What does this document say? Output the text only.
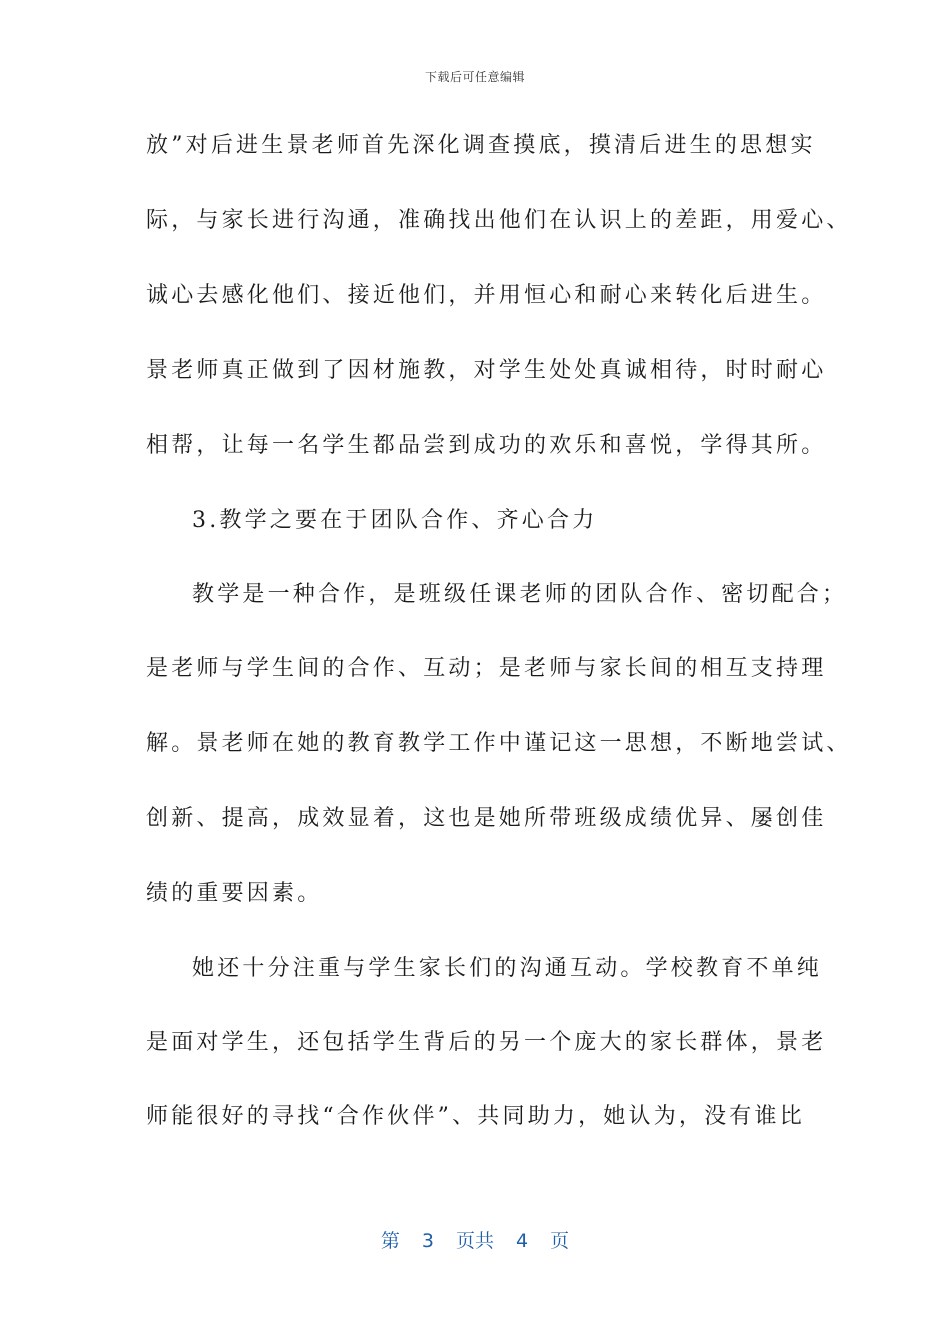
下载后可任意编辑
放”对后进生景老师首先深化调查摸底，摸清后进生的思想实
际，与家长进行沟通，准确找出他们在认识上的差距，用爱心、
诚心去感化他们、接近他们，并用恒心和耐心来转化后进生。
景老师真正做到了因材施教，对学生处处真诚相待，时时耐心
相帮，让每一名学生都品尝到成功的欢乐和喜悦，学得其所。
3.教学之要在于团队合作、齐心合力
教学是一种合作，是班级任课老师的团队合作、密切配合；
是老师与学生间的合作、互动；是老师与家长间的相互支持理
解。景老师在她的教育教学工作中谨记这一思想，不断地尝试、
创新、提高，成效显着，这也是她所带班级成绩优异、屡创佳
绩的重要因素。
她还十分注重与学生家长们的沟通互动。学校教育不单纯
是面对学生，还包括学生背后的另一个庞大的家长群体，景老
师能很好的寻找“合作伙伴”、共同助力，她认为，没有谁比
第 3 页共 4 页
